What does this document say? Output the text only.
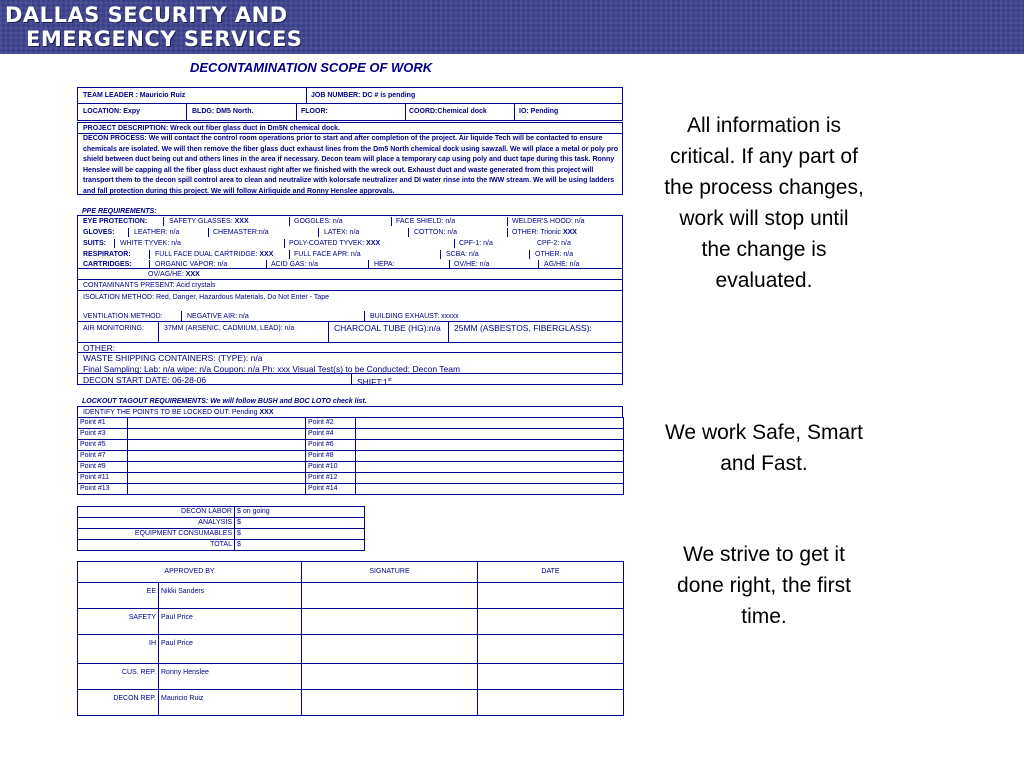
DALLAS SECURITY AND
EMERGENCY SERVICES
DECONTAMINATION SCOPE OF WORK
TEAM LEADER : Mauricio Ruiz	JOB NUMBER: DC # is pending
LOCATION: Expy	BLDG: DM5 North.	FLOOR:	COORD:Chemical dock	IO: Pending
PROJECT DESCRIPTION: Wreck out fiber glass duct in Dm5N chemical dock.
DECON PROCESS: We will contact the control room operations prior to start and after completion of the project. Air liquide Tech will be contacted to ensure chemicals are isolated. We will then remove the fiber glass duct exhaust lines from the Dm5 North chemical dock using sawzall. We will place a metal or poly pro shield between duct being cut and others lines in the area if necessary. Decon team will place a temporary cap using poly and duct tape during this task. Ronny Henslee will be capping all the fiber glass duct exhaust right after we finished with the wreck out. Exhaust duct and waste generated from this project will transport them to the decon spill control area to clean and neutralize with kolorsafe neutralizer and DI water rinse into the IWW stream. We will be using ladders and fall protection during this project. We will follow Airliquide and Ronny Henslee approvals.
PPE REQUIREMENTS:
EYE PROTECTION:	SAFETY GLASSES: XXX	GOGGLES: n/a	FACE SHIELD: n/a	WELDER'S HOOD: n/a
GLOVES:	LEATHER: n/a	CHEMASTER:n/a	LATEX: n/a	COTTON: n/a	OTHER: Trionic XXX
SUITS: WHITE TYVEK: n/a	POLY-COATED TYVEK: XXX	CPF-1: n/a	CPF-2: n/a
RESPIRATOR:	FULL FACE DUAL CARTRIDGE: XXX	FULL FACE APR: n/a	SCBA: n/a	OTHER: n/a
CARTRIDGES:	ORGANIC VAPOR: n/a	ACID GAS: n/a	HEPA:	OV/HE: n/a	AG/HE: n/a
OV/AG/HE: XXX
CONTAMINANTS PRESENT: Acid crystals
ISOLATION METHOD: Red, Danger, Hazardous Materials, Do Not Enter - Tape
VENTILATION METHOD:	NEGATIVE AIR: n/a	BUILDING EXHAUST: xxxxx
AIR MONITORING:	37MM (ARSENIC, CADMIUM, LEAD): n/a	CHARCOAL TUBE (HG):n/a	25MM (ASBESTOS, FIBERGLASS):
OTHER:
WASTE SHIPPING CONTAINERS: (TYPE): n/a
Final Sampling: Lab: n/a wipe: n/a Coupon: n/a Ph: xxx Visual Test(s) to be Conducted: Decon Team
DECON START DATE: 06-28-06	SHIFT:1st
LOCKOUT TAGOUT REQUIREMENTS: We will follow BUSH and BOC LOTO check list.
IDENTIFY THE POINTS TO BE LOCKED OUT: Pending XXX
Point #1		Point #2	
Point #3		Point #4	
Point #5		Point #6	
Point #7		Point #8	
Point #9		Point #10	
Point #11		Point #12	
Point #13		Point #14	
DECON LABOR	$ on going
ANALYSIS	$
EQUIPMENT CONSUMABLES	$
TOTAL	$
APPROVED BY		SIGNATURE	DATE
EE	Nikki Sanders		
SAFETY	Paul Price		
IH	Paul Price		
CUS. REP.	Ronny Henslee		
DECON REP.	Mauricio Ruiz		
All information is critical. If any part of the process changes, work will stop until the change is evaluated.
We work Safe, Smart and Fast.
We strive to get it done right, the first time.
